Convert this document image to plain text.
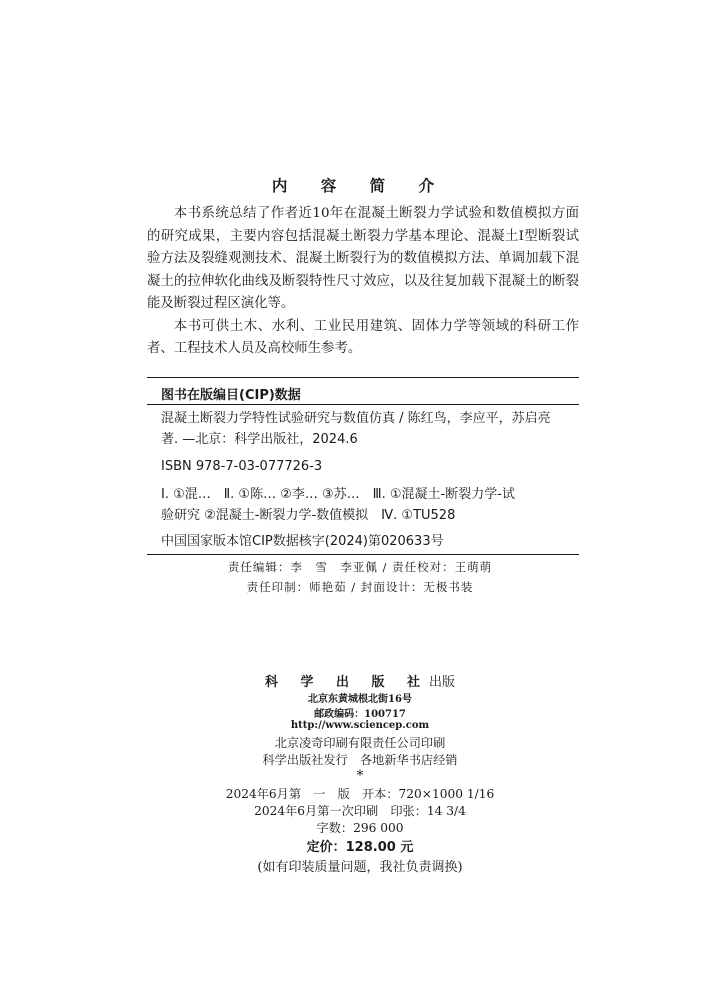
内 容 简 介

本书系统总结了作者近10年在混凝土断裂力学试验和数值模拟方面的研究成果，主要内容包括混凝土断裂力学基本理论、混凝土Ⅰ型断裂试验方法及裂缝观测技术、混凝土断裂行为的数值模拟方法、单调加载下混凝土的拉伸软化曲线及断裂特性尺寸效应，以及往复加载下混凝土的断裂能及断裂过程区演化等。

本书可供土木、水利、工业民用建筑、固体力学等领域的科研工作者、工程技术人员及高校师生参考。

图书在版编目(CIP)数据
混凝土断裂力学特性试验研究与数值仿真 / 陈红鸟，李应平，苏启亮
著. —北京：科学出版社，2024.6
ISBN 978-7-03-077726-3
Ⅰ. ①混…　Ⅱ. ①陈… ②李… ③苏…　Ⅲ. ①混凝土-断裂力学-试
验研究 ②混凝土-断裂力学-数值模拟　Ⅳ. ①TU528
中国国家版本馆CIP数据核字(2024)第020633号
责任编辑：李　雪　李亚佩 / 责任校对：王萌萌
责任印制：师艳茹 / 封面设计：无极书装
科 学 出 版 社出版
北京东黄城根北街16号
邮政编码：100717
http://www.sciencep.com
北京凌奇印刷有限责任公司印刷
科学出版社发行　各地新华书店经销
*
2024年6月第　一　版　开本：720×1000 1/16
2024年6月第一次印刷　印张：14 3/4
字数：296 000
定价：128.00 元
(如有印装质量问题，我社负责调换)
